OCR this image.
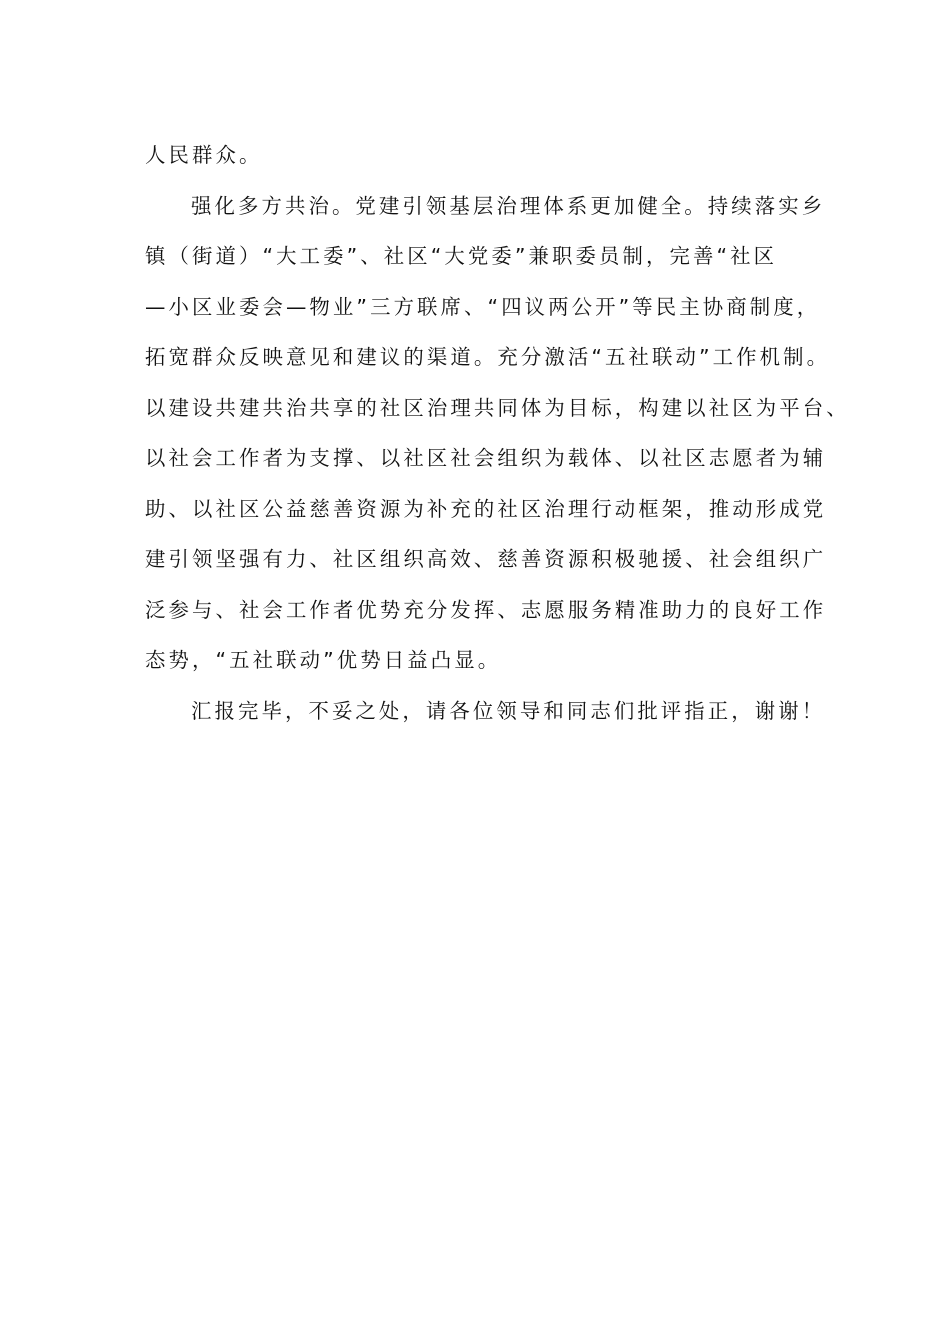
人民群众。
强化多方共治。党建引领基层治理体系更加健全。持续落实乡
镇（街道）“大工委”、社区“大党委”兼职委员制，完善“社区
—小区业委会—物业”三方联席、“四议两公开”等民主协商制度，
拓宽群众反映意见和建议的渠道。充分激活“五社联动”工作机制。
以建设共建共治共享的社区治理共同体为目标，构建以社区为平台、
以社会工作者为支撑、以社区社会组织为载体、以社区志愿者为辅
助、以社区公益慈善资源为补充的社区治理行动框架，推动形成党
建引领坚强有力、社区组织高效、慈善资源积极驰援、社会组织广
泛参与、社会工作者优势充分发挥、志愿服务精准助力的良好工作
态势，“五社联动”优势日益凸显。
汇报完毕，不妥之处，请各位领导和同志们批评指正，谢谢！
